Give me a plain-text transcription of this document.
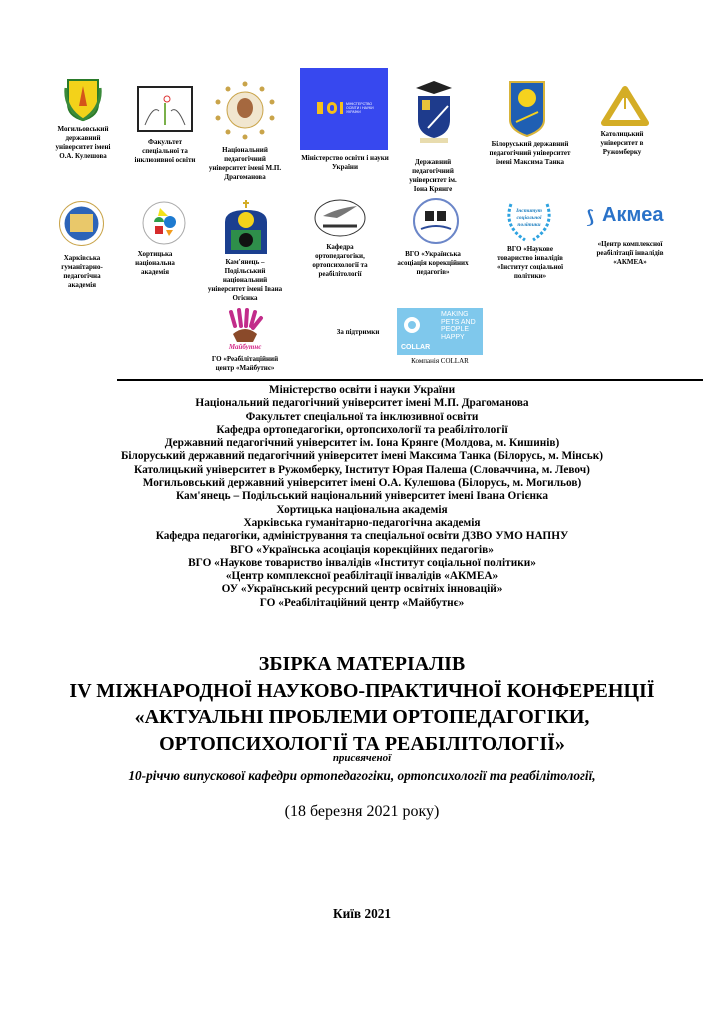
Могильовський державний університет імені О.А. Кулешова
Факультет спеціальної та інклюзивної освіти
Національний педагогічний університет імені М.П. Драгоманова
МІНІСТЕРСТВО ОСВІТИ І НАУКИ УКРАЇНИ
Міністерство освіти і науки України
Державний педагогічний університет ім. Іона Крянге
Білоруський державний педагогічний університет імені Максима Танка
Католицький університет в Ружомберку
Харківська гуманітарно-педагогічна академія
Хортицька національна академія
Кам'янець – Подільський національний університет імені Івана Огієнка
Кафедра ортопедагогіки, ортопсихології та реабілітології
ВГО «Українська асоціація корекційних педагогів»
Інститут соціальної політики
ВГО «Наукове товариство інвалідів «Інститут соціальної політики»
⟆ Акмеа
«Центр комплексної реабілітації інвалідів «АКМЕА»
Майбутнє
ГО «Реабілітаційний центр «Майбутнє»
За підтримки
MAKING PETS AND PEOPLE HAPPY
COLLAR
Компанія COLLAR
Міністерство освіти і науки України
Національний педагогічний університет імені М.П. Драгоманова
Факультет спеціальної та інклюзивної освіти
Кафедра ортопедагогіки, ортопсихології та реабілітології
Державний педагогічний університет ім. Іона Крянге (Молдова, м. Кишинів)
Білоруський державний педагогічний університет імені Максима Танка (Білорусь, м. Мінськ)
Католицький університет в Ружомберку, Інститут Юрая Палеша (Словаччина, м. Левоч)
Могильовський державний університет імені О.А. Кулешова (Білорусь, м. Могильов)
Кам'янець – Подільський національний університет імені Івана Огієнка
Хортицька національна академія
Харківська гуманітарно-педагогічна академія
Кафедра педагогіки, адміністрування та спеціальної освіти ДЗВО УМО НАПНУ
ВГО «Українська асоціація корекційних педагогів»
ВГО «Наукове товариство інвалідів «Інститут соціальної політики»
«Центр комплексної реабілітації інвалідів «АКМЕА»
ОУ «Український ресурсний центр освітніх інновацій»
ГО «Реабілітаційний центр «Майбутнє»
ЗБІРКА МАТЕРІАЛІВ
IV МІЖНАРОДНОЇ НАУКОВО-ПРАКТИЧНОЇ КОНФЕРЕНЦІЇ
«АКТУАЛЬНІ ПРОБЛЕМИ ОРТОПЕДАГОГІКИ,
ОРТОПСИХОЛОГІЇ ТА РЕАБІЛІТОЛОГІЇ»
присвяченої
10-річчю випускової кафедри ортопедагогіки, ортопсихології та реабілітології,
(18 березня 2021 року)
Київ 2021
